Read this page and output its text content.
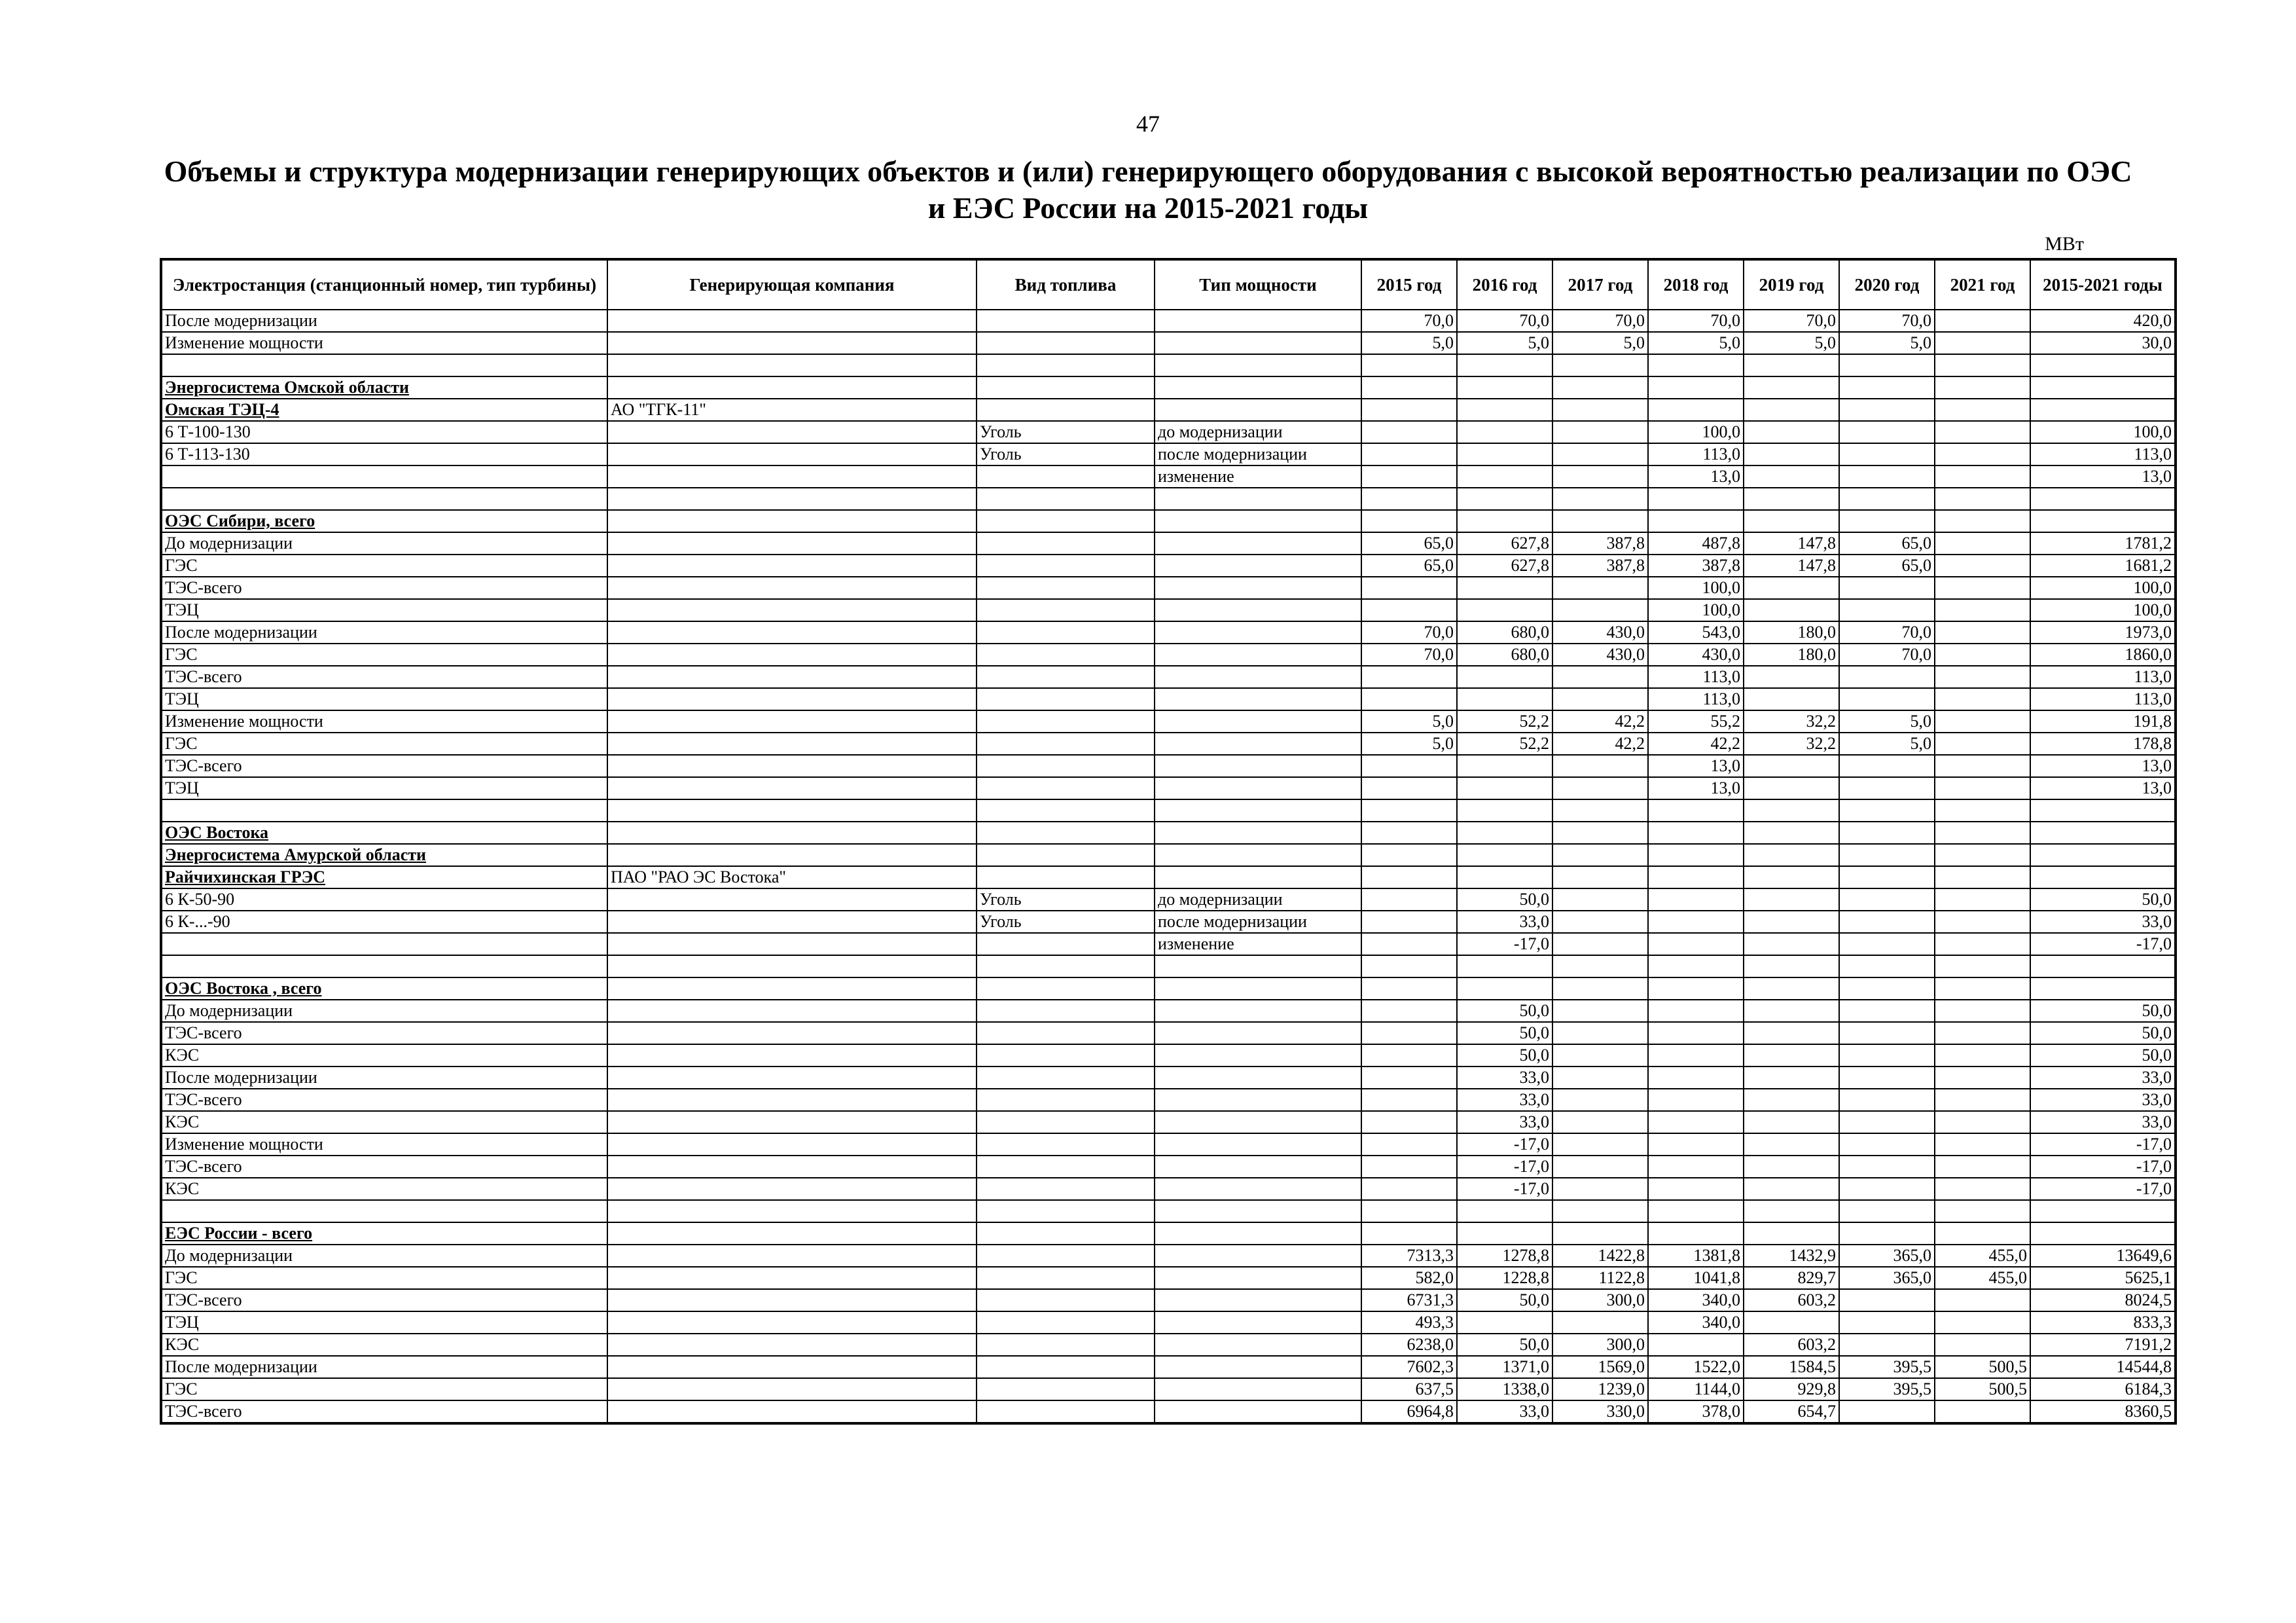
47
Объемы и структура модернизации генерирующих объектов и (или) генерирующего оборудования с высокой вероятностью реализации по ОЭС
и ЕЭС России на 2015-2021 годы
МВт
Электростанция (станционный номер, тип турбины)	Генерирующая компания	Вид топлива	Тип мощности	2015 год	2016 год	2017 год	2018 год	2019 год	2020 год	2021 год	2015-2021 годы
После модернизации				70,0	70,0	70,0	70,0	70,0	70,0		420,0
Изменение мощности				5,0	5,0	5,0	5,0	5,0	5,0		30,0

Энергосистема Омской области											
Омская ТЭЦ-4	АО "ТГК-11"										
6 Т-100-130		Уголь	до модернизации				100,0				100,0
6 Т-113-130		Уголь	после модернизации				113,0				113,0
			изменение				13,0				13,0

ОЭС Сибири, всего											
До модернизации				65,0	627,8	387,8	487,8	147,8	65,0		1781,2
ГЭС				65,0	627,8	387,8	387,8	147,8	65,0		1681,2
ТЭС-всего							100,0				100,0
ТЭЦ							100,0				100,0
После модернизации				70,0	680,0	430,0	543,0	180,0	70,0		1973,0
ГЭС				70,0	680,0	430,0	430,0	180,0	70,0		1860,0
ТЭС-всего							113,0				113,0
ТЭЦ							113,0				113,0
Изменение мощности				5,0	52,2	42,2	55,2	32,2	5,0		191,8
ГЭС				5,0	52,2	42,2	42,2	32,2	5,0		178,8
ТЭС-всего							13,0				13,0
ТЭЦ							13,0				13,0

ОЭС Востока											
Энергосистема Амурской области											
Райчихинская ГРЭС	ПАО "РАО ЭС Востока"										
6 К-50-90		Уголь	до модернизации		50,0						50,0
6 К-...-90		Уголь	после модернизации		33,0						33,0
			изменение		-17,0						-17,0

ОЭС Востока , всего											
До модернизации					50,0						50,0
ТЭС-всего					50,0						50,0
КЭС					50,0						50,0
После модернизации					33,0						33,0
ТЭС-всего					33,0						33,0
КЭС					33,0						33,0
Изменение мощности					-17,0						-17,0
ТЭС-всего					-17,0						-17,0
КЭС					-17,0						-17,0

ЕЭС России - всего											
До модернизации				7313,3	1278,8	1422,8	1381,8	1432,9	365,0	455,0	13649,6
ГЭС				582,0	1228,8	1122,8	1041,8	829,7	365,0	455,0	5625,1
ТЭС-всего				6731,3	50,0	300,0	340,0	603,2			8024,5
ТЭЦ				493,3			340,0				833,3
КЭС				6238,0	50,0	300,0		603,2			7191,2
После модернизации				7602,3	1371,0	1569,0	1522,0	1584,5	395,5	500,5	14544,8
ГЭС				637,5	1338,0	1239,0	1144,0	929,8	395,5	500,5	6184,3
ТЭС-всего				6964,8	33,0	330,0	378,0	654,7			8360,5
